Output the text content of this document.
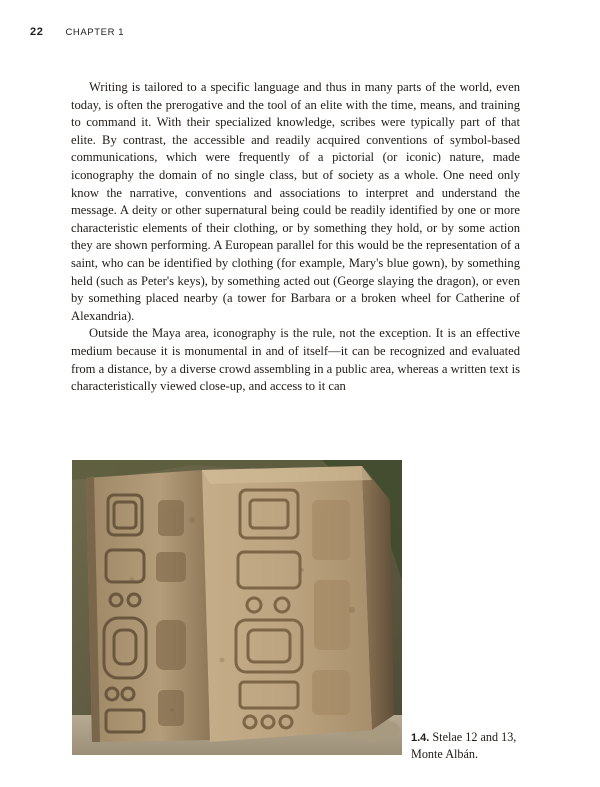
22 CHAPTER 1

Writing is tailored to a specific language and thus in many parts of the world, even today, is often the prerogative and the tool of an elite with the time, means, and training to command it. With their specialized knowledge, scribes were typically part of that elite. By contrast, the accessible and readily acquired conventions of symbol-based communications, which were frequently of a pictorial (or iconic) nature, made iconography the domain of no single class, but of society as a whole. One need only know the narrative, conventions and associations to interpret and understand the message. A deity or other supernatural being could be readily identified by one or more characteristic elements of their clothing, or by something they hold, or by some action they are shown performing. A European parallel for this would be the representation of a saint, who can be identified by clothing (for example, Mary's blue gown), by something held (such as Peter's keys), by something acted out (George slaying the dragon), or even by something placed nearby (a tower for Barbara or a broken wheel for Catherine of Alexandria).

Outside the Maya area, iconography is the rule, not the exception. It is an effective medium because it is monumental in and of itself—it can be recognized and evaluated from a distance, by a diverse crowd assembling in a public area, whereas a written text is characteristically viewed close-up, and access to it can

1.4. Stelae 12 and 13, Monte Albán.
